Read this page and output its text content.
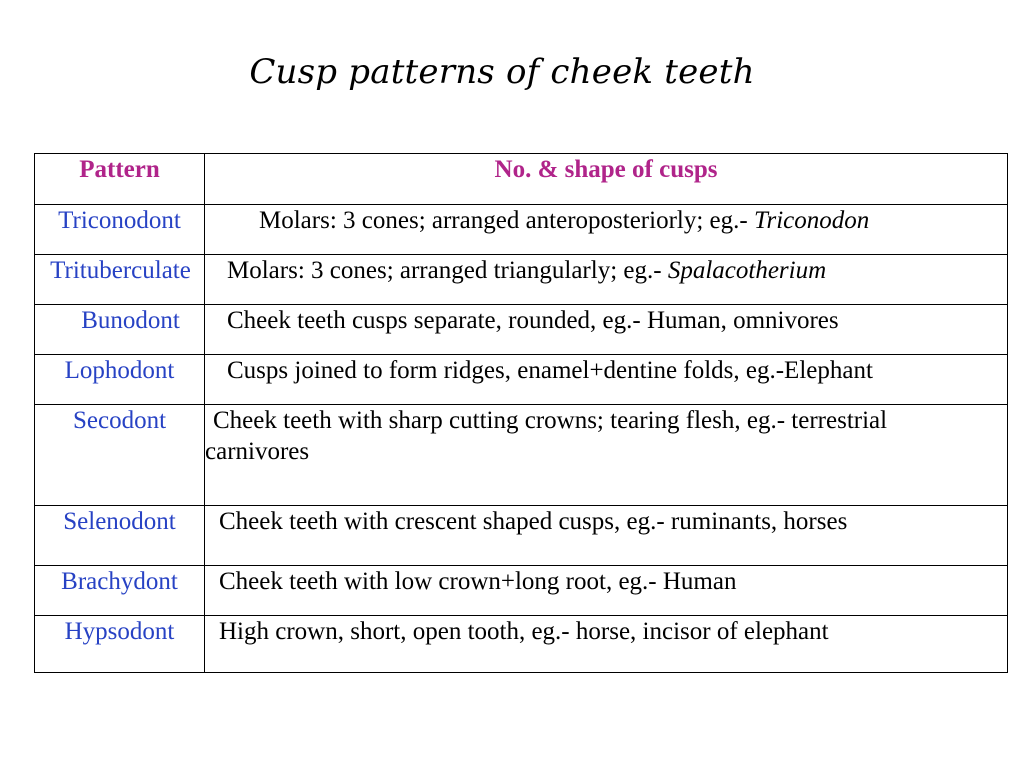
Cusp patterns of cheek teeth
Pattern	No. & shape of cusps
Triconodont	Molars: 3 cones; arranged anteroposteriorly; eg.- Triconodon
Trituberculate	Molars: 3 cones; arranged triangularly; eg.- Spalacotherium
Bunodont	Cheek teeth cusps separate, rounded, eg.- Human, omnivores
Lophodont	Cusps joined to form ridges, enamel+dentine folds, eg.-Elephant
Secodont	Cheek teeth with sharp cutting crowns; tearing flesh, eg.- terrestrial carnivores
Selenodont	Cheek teeth with crescent shaped cusps, eg.- ruminants, horses
Brachydont	Cheek teeth with low crown+long root, eg.- Human
Hypsodont	High crown, short, open tooth, eg.- horse, incisor of elephant
